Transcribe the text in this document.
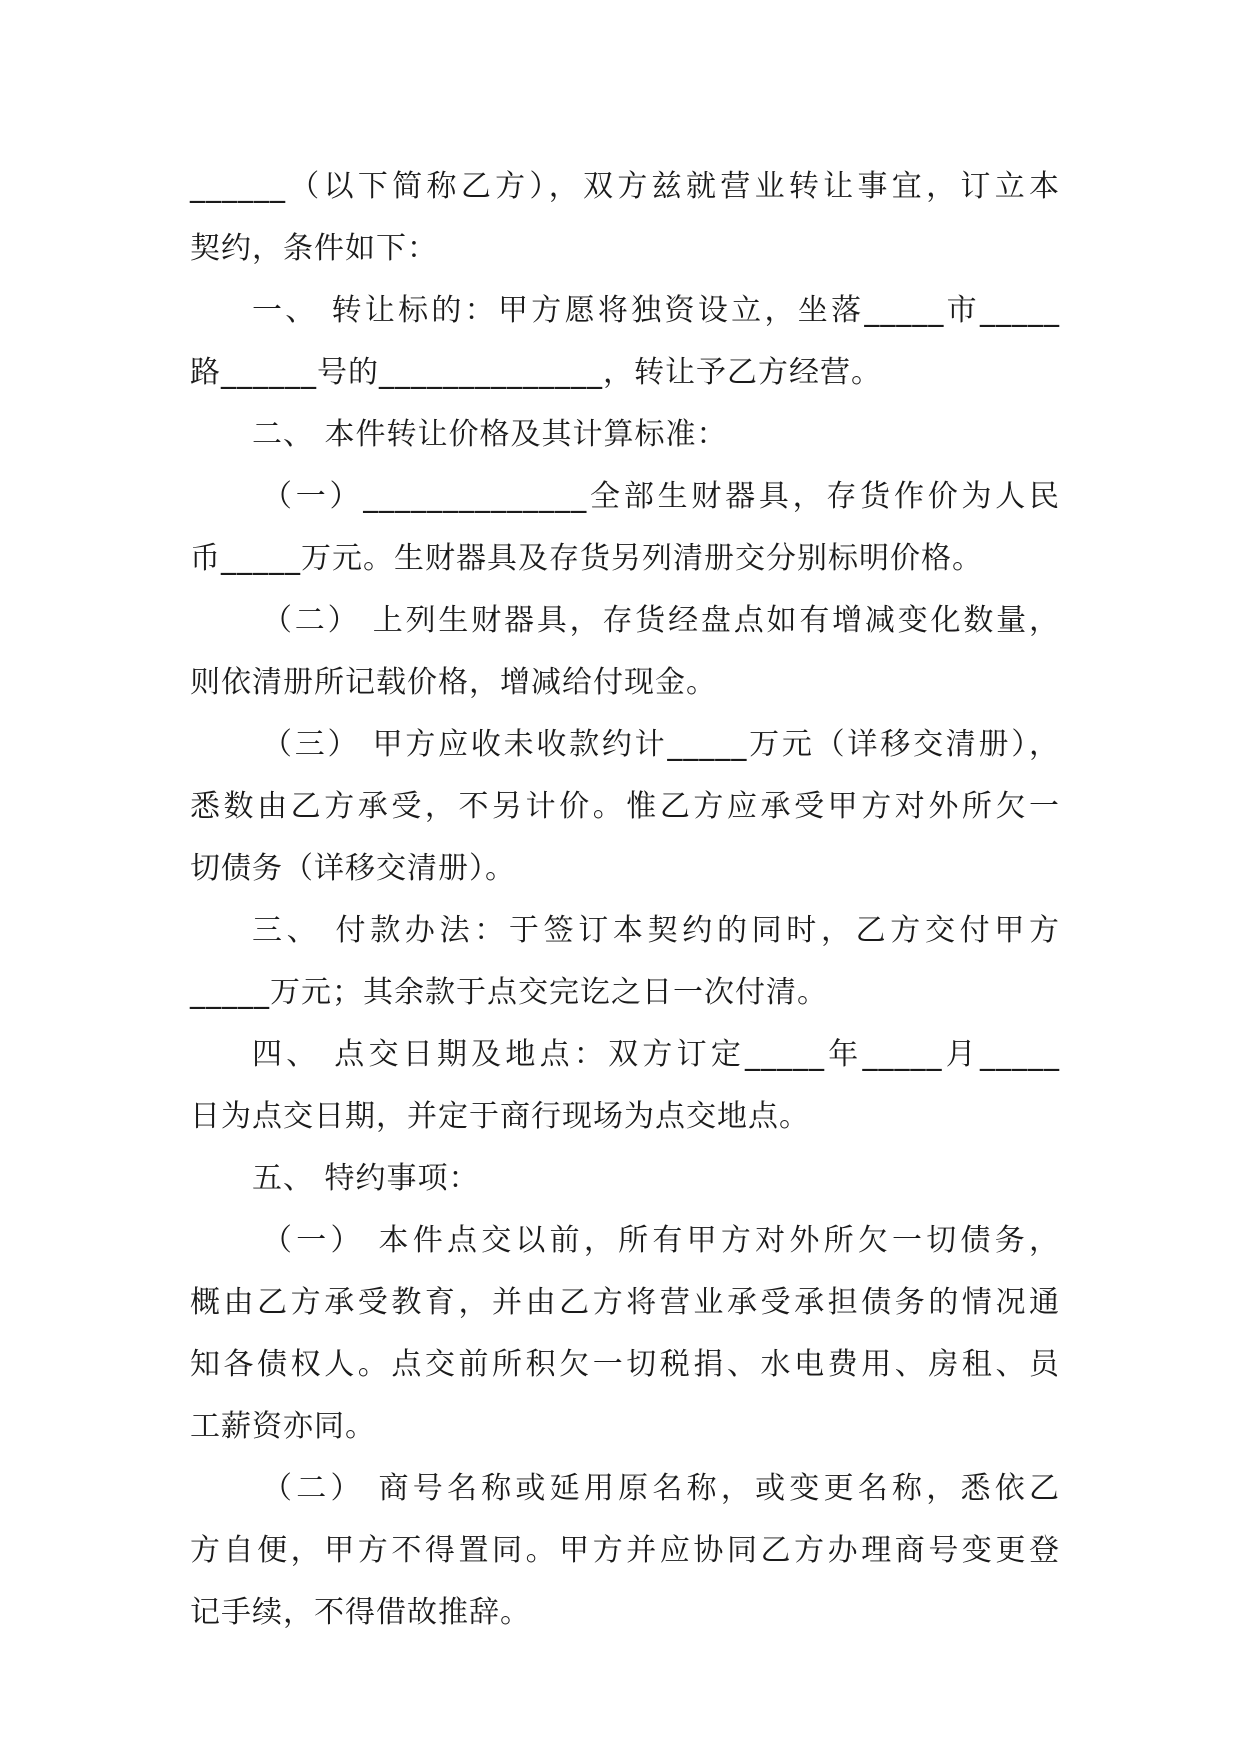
______（以下简称乙方），双方兹就营业转让事宜，订立本
契约，条件如下：
一、 转让标的：甲方愿将独资设立，坐落_____市_____
路______号的______________，转让予乙方经营。
二、 本件转让价格及其计算标准：
（一）______________全部生财器具，存货作价为人民
币_____万元。生财器具及存货另列清册交分别标明价格。
（二） 上列生财器具，存货经盘点如有增减变化数量，
则依清册所记载价格，增减给付现金。
（三） 甲方应收未收款约计_____万元（详移交清册），
悉数由乙方承受，不另计价。惟乙方应承受甲方对外所欠一
切债务（详移交清册）。
三、 付款办法：于签订本契约的同时，乙方交付甲方
_____万元；其余款于点交完讫之日一次付清。
四、 点交日期及地点：双方订定_____年_____月_____
日为点交日期，并定于商行现场为点交地点。
五、 特约事项：
（一） 本件点交以前，所有甲方对外所欠一切债务，
概由乙方承受教育，并由乙方将营业承受承担债务的情况通
知各债权人。点交前所积欠一切税捐、水电费用、房租、员
工薪资亦同。
（二） 商号名称或延用原名称，或变更名称，悉依乙
方自便，甲方不得置同。甲方并应协同乙方办理商号变更登
记手续，不得借故推辞。
